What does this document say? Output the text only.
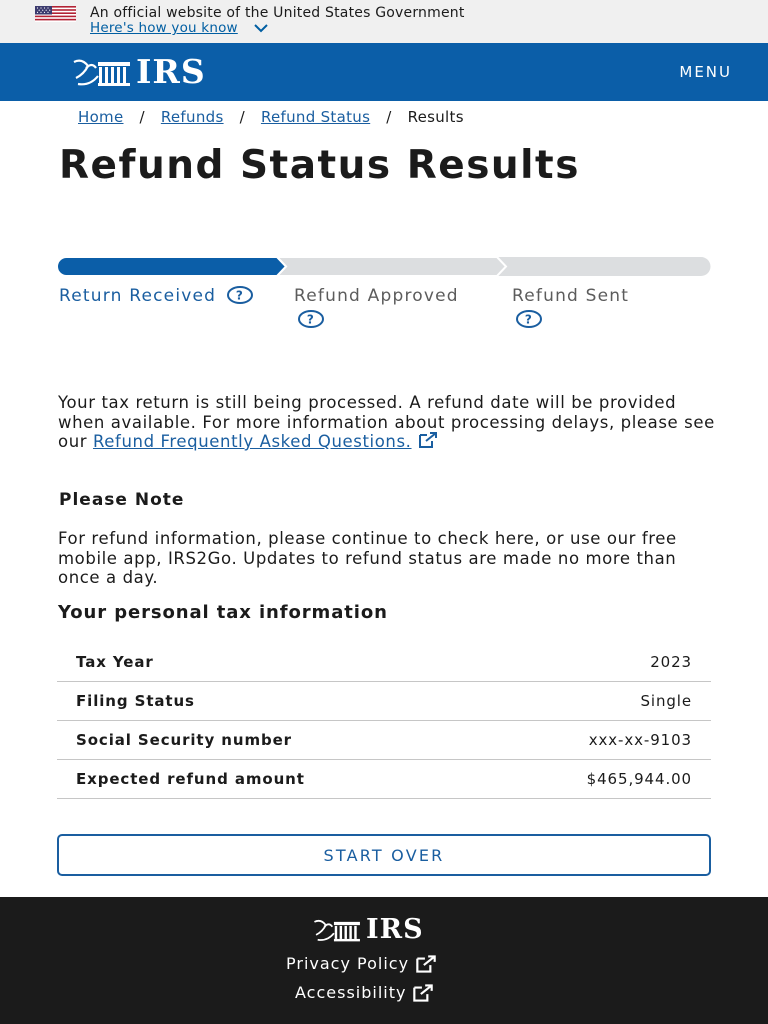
An official website of the United States Government
Here's how you know
IRS	MENU
Home / Refunds / Refund Status / Results
Refund Status Results
Return Received ?	Refund Approved
?
Refund Sent

?

Your tax return is still being processed. A refund date will be provided when available. For more information about processing delays, please see our Refund Frequently Asked Questions.

Please Note

For refund information, please continue to check here, or use our free mobile app, IRS2Go. Updates to refund status are made no more than once a day.

Your personal tax information
Tax Year	2023
Filing Status	Single
Social Security number	xxx-xx-9103
Expected refund amount	$465,944.00
START OVER
IRS
Privacy Policy
Accessibility
